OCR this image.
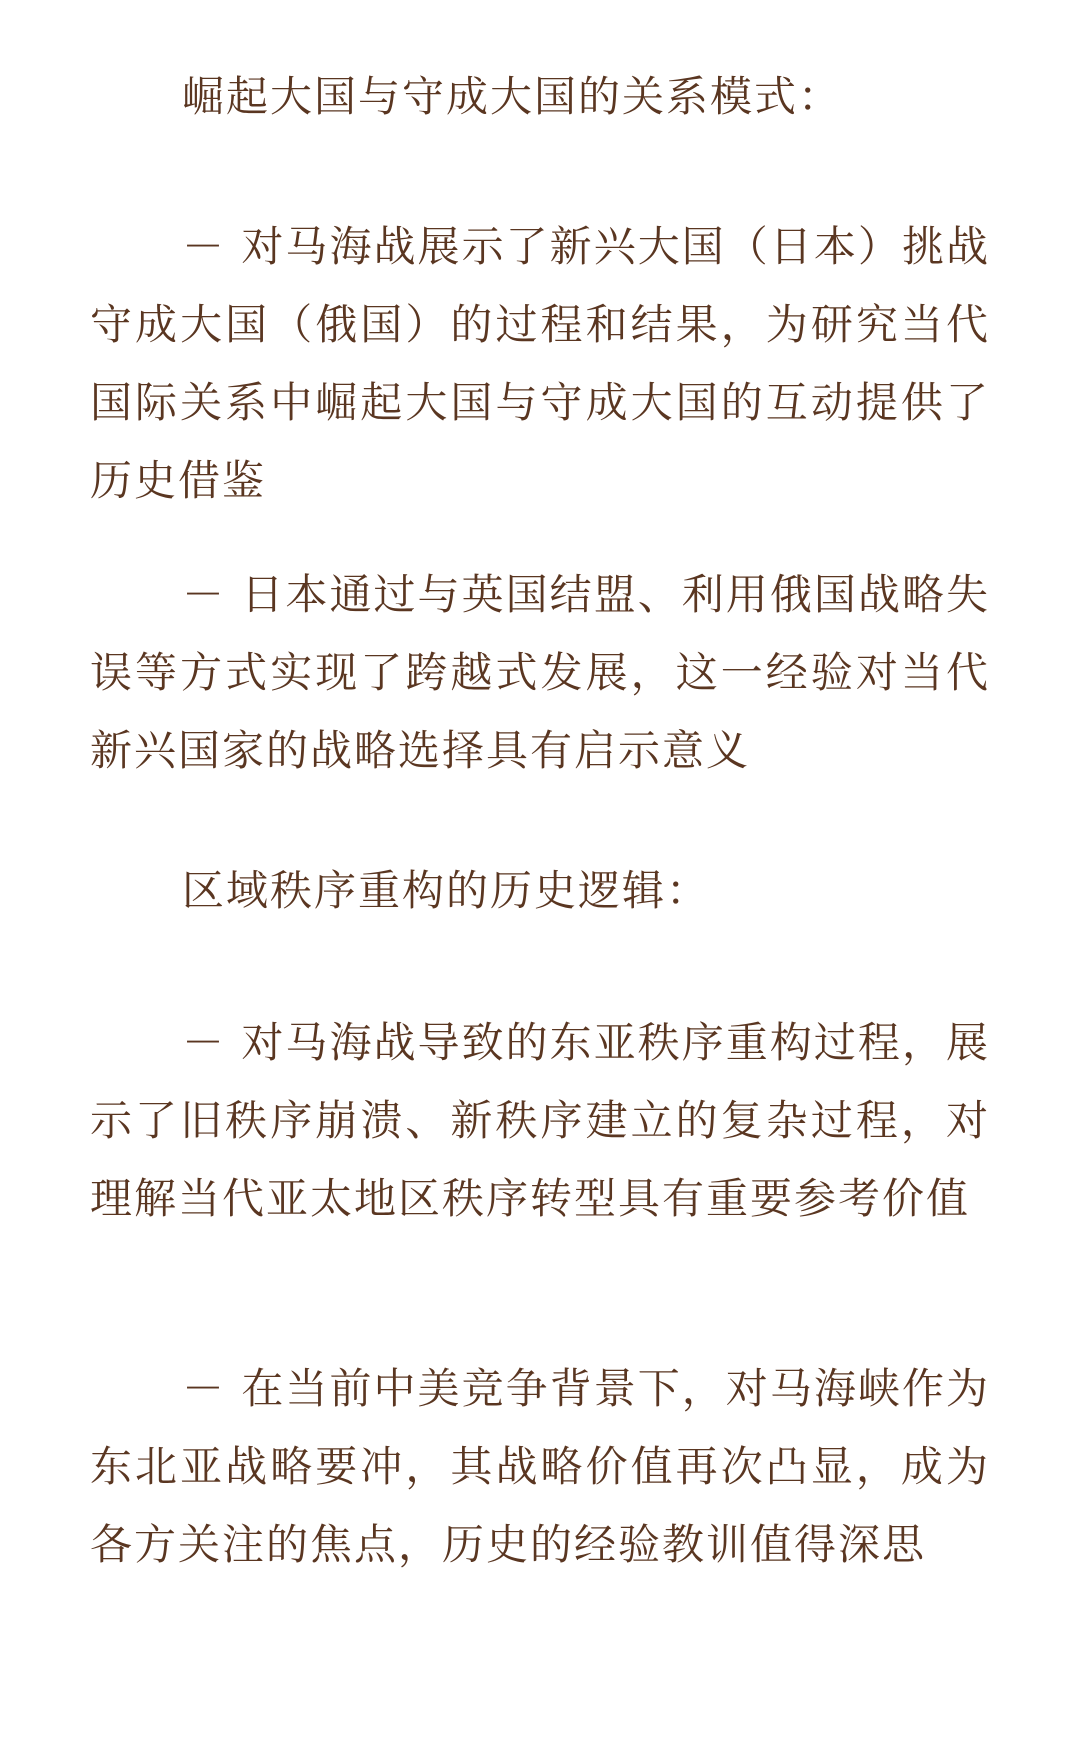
崛起大国与守成大国的关系模式：

－ 对马海战展示了新兴大国（日本）挑战守成大国（俄国）的过程和结果，为研究当代国际关系中崛起大国与守成大国的互动提供了历史借鉴

－ 日本通过与英国结盟、利用俄国战略失误等方式实现了跨越式发展，这一经验对当代新兴国家的战略选择具有启示意义

区域秩序重构的历史逻辑：

－ 对马海战导致的东亚秩序重构过程，展示了旧秩序崩溃、新秩序建立的复杂过程，对理解当代亚太地区秩序转型具有重要参考价值

－ 在当前中美竞争背景下，对马海峡作为东北亚战略要冲，其战略价值再次凸显，成为各方关注的焦点，历史的经验教训值得深思
